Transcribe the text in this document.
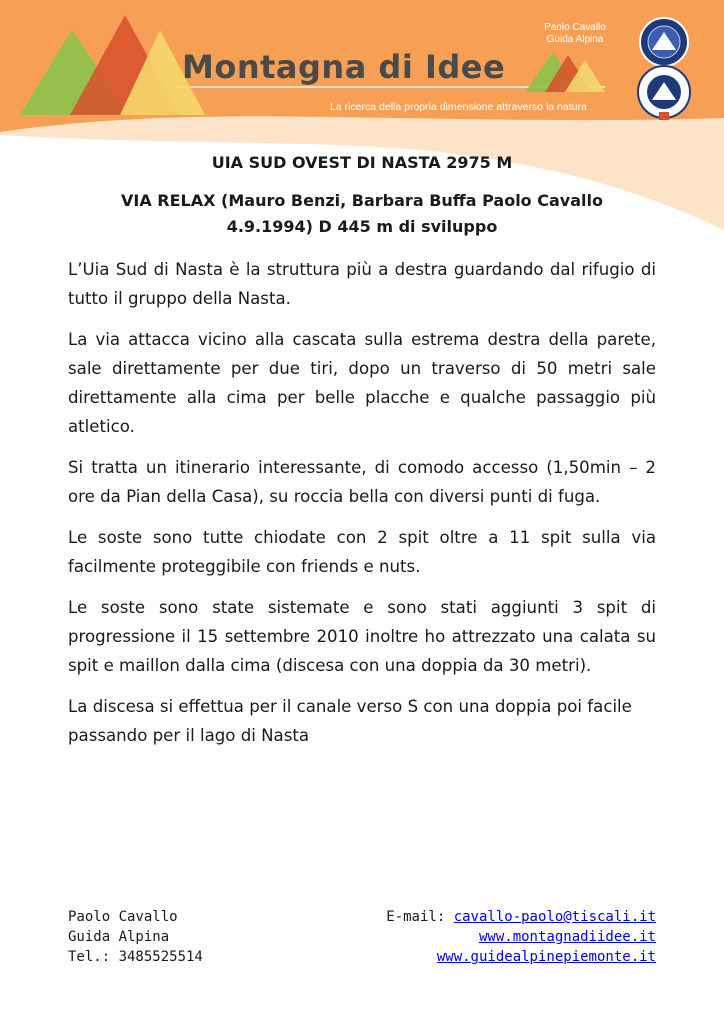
Montagna di Idee
Paolo Cavallo
Guida Alpina
La ricerca della propria dimensione attraverso la natura
UIA SUD OVEST DI NASTA 2975 M
VIA RELAX (Mauro Benzi, Barbara Buffa Paolo Cavallo
4.9.1994) D 445 m di sviluppo

L’Uia Sud di Nasta è la struttura più a destra guardando dal rifugio di tutto il gruppo della Nasta.

La via attacca vicino alla cascata sulla estrema destra della parete, sale direttamente per due tiri, dopo un traverso di 50 metri sale direttamente alla cima per belle placche e qualche passaggio più atletico.

Si tratta un itinerario interessante, di comodo accesso (1,50min – 2 ore da Pian della Casa), su roccia bella con diversi punti di fuga.

Le soste sono tutte chiodate con 2 spit oltre a 11 spit sulla via facilmente proteggibile con friends e nuts.

Le soste sono state sistemate e sono stati aggiunti 3 spit di progressione il 15 settembre 2010 inoltre ho attrezzato una calata su spit e maillon dalla cima (discesa con una doppia da 30 metri).

La discesa si effettua per il canale verso S con una doppia poi facile passando per il lago di Nasta

Paolo Cavallo
Guida Alpina
Tel.: 3485525514
E-mail: cavallo-paolo@tiscali.it
www.montagnadiidee.it
www.guidealpinepiemonte.it
